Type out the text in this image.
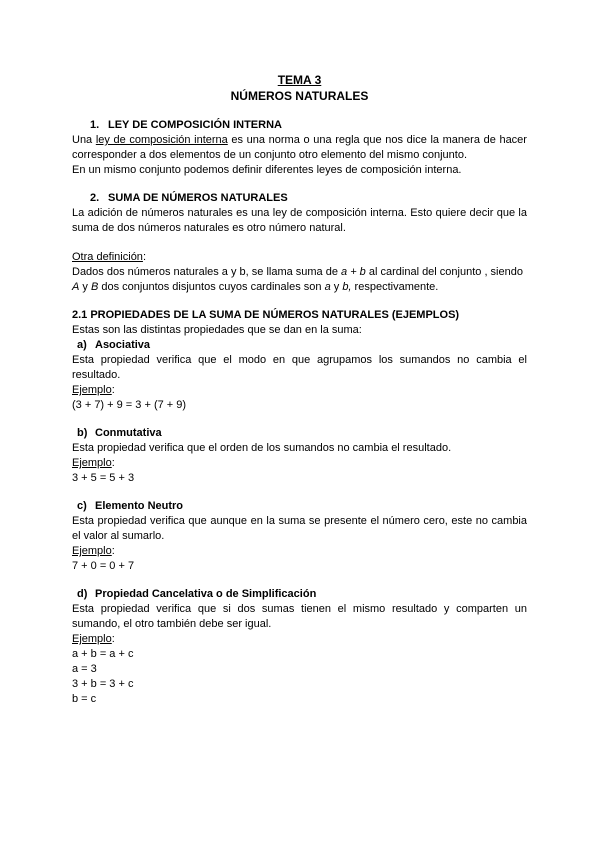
TEMA 3
NÚMEROS NATURALES
1. LEY DE COMPOSICIÓN INTERNA

Una ley de composición interna es una norma o una regla que nos dice la manera de hacer corresponder a dos elementos de un conjunto otro elemento del mismo conjunto.

En un mismo conjunto podemos definir diferentes leyes de composición interna.

2. SUMA DE NÚMEROS NATURALES

La adición de números naturales es una ley de composición interna. Esto quiere decir que la suma de dos números naturales es otro número natural.

Otra definición:

Dados dos números naturales a y b, se llama suma de a + b al cardinal del conjunto , siendo
A y B dos conjuntos disjuntos cuyos cardinales son a y b, respectivamente.

2.1 PROPIEDADES DE LA SUMA DE NÚMEROS NATURALES (EJEMPLOS)

Estas son las distintas propiedades que se dan en la suma:

a) Asociativa

Esta propiedad verifica que el modo en que agrupamos los sumandos no cambia el resultado.

Ejemplo:

(3 + 7) + 9 = 3 + (7 + 9)

b) Conmutativa

Esta propiedad verifica que el orden de los sumandos no cambia el resultado.

Ejemplo:

3 + 5 = 5 + 3

c) Elemento Neutro

Esta propiedad verifica que aunque en la suma se presente el número cero, este no cambia el valor al sumarlo.

Ejemplo:

7 + 0 = 0 + 7

d) Propiedad Cancelativa o de Simplificación

Esta propiedad verifica que si dos sumas tienen el mismo resultado y comparten un sumando, el otro también debe ser igual.

Ejemplo:

a + b = a + c

a = 3

3 + b = 3 + c

b = c
